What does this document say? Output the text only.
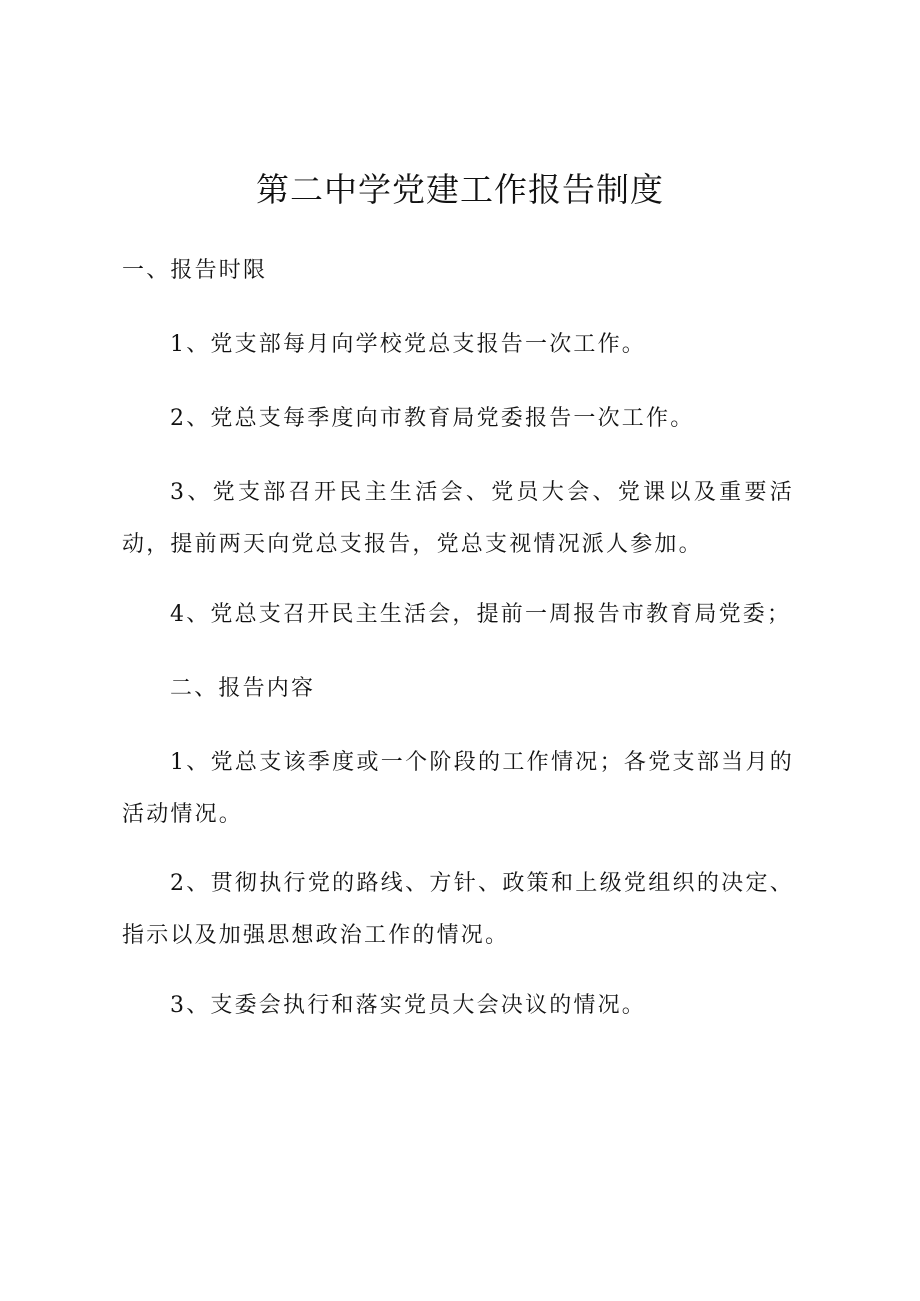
第二中学党建工作报告制度

一、报告时限

1、党支部每月向学校党总支报告一次工作。

2、党总支每季度向市教育局党委报告一次工作。

3、党支部召开民主生活会、党员大会、党课以及重要活动，提前两天向党总支报告，党总支视情况派人参加。

4、党总支召开民主生活会，提前一周报告市教育局党委；

二、报告内容

1、党总支该季度或一个阶段的工作情况；各党支部当月的活动情况。

2、贯彻执行党的路线、方针、政策和上级党组织的决定、指示以及加强思想政治工作的情况。

3、支委会执行和落实党员大会决议的情况。
